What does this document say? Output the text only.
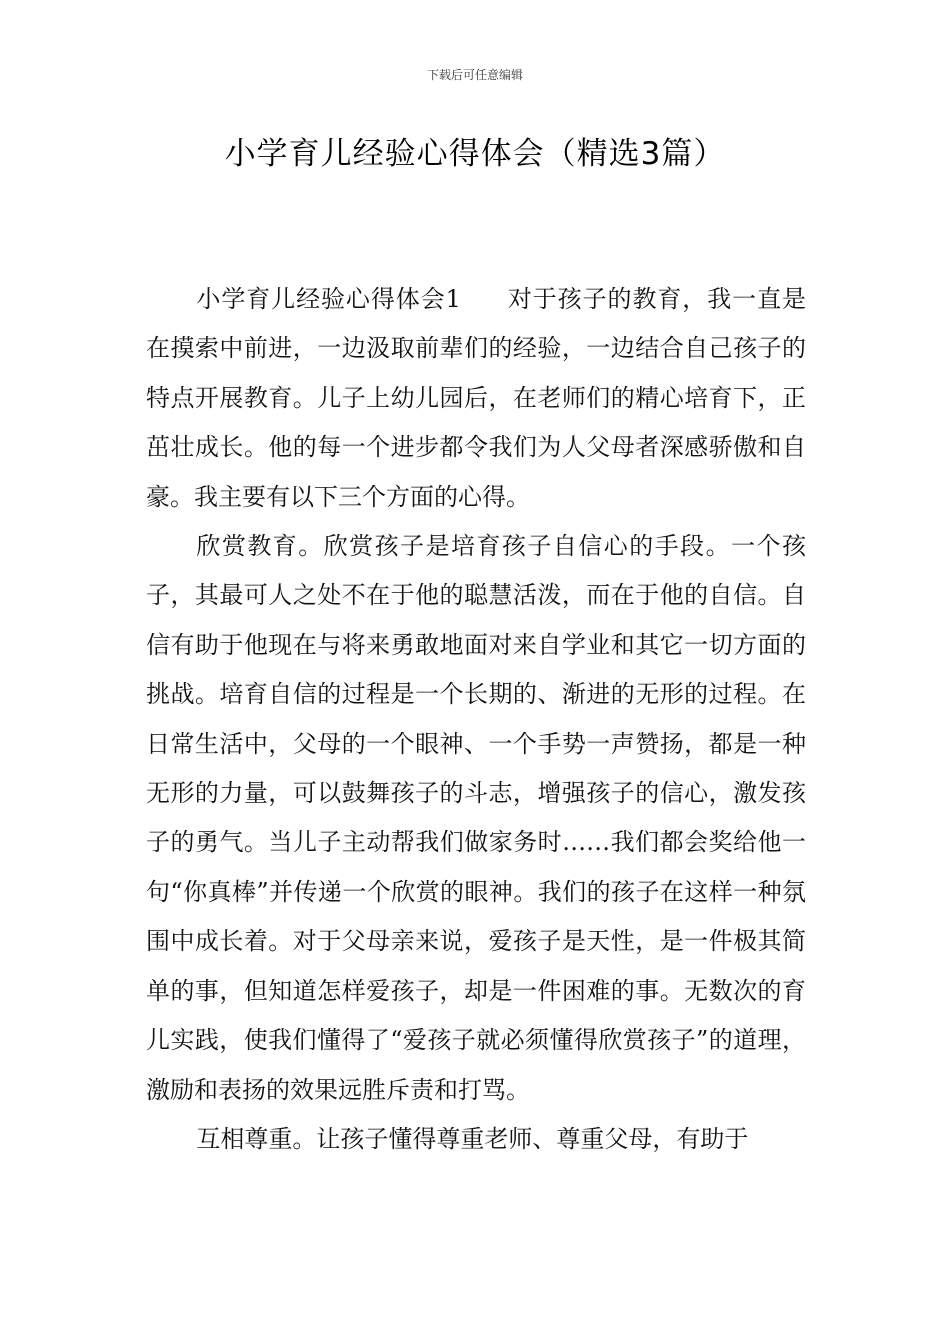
下载后可任意编辑
小学育儿经验心得体会（精选3篇）

小学育儿经验心得体会1 对于孩子的教育，我一直是在摸索中前进，一边汲取前辈们的经验，一边结合自己孩子的特点开展教育。儿子上幼儿园后，在老师们的精心培育下，正茁壮成长。他的每一个进步都令我们为人父母者深感骄傲和自豪。我主要有以下三个方面的心得。

欣赏教育。欣赏孩子是培育孩子自信心的手段。一个孩子，其最可人之处不在于他的聪慧活泼，而在于他的自信。自信有助于他现在与将来勇敢地面对来自学业和其它一切方面的挑战。培育自信的过程是一个长期的、渐进的无形的过程。在日常生活中，父母的一个眼神、一个手势一声赞扬，都是一种无形的力量，可以鼓舞孩子的斗志，增强孩子的信心，激发孩子的勇气。当儿子主动帮我们做家务时……我们都会奖给他一句“你真棒”并传递一个欣赏的眼神。我们的孩子在这样一种氛围中成长着。对于父母亲来说，爱孩子是天性，是一件极其简单的事，但知道怎样爱孩子，却是一件困难的事。无数次的育儿实践，使我们懂得了“爱孩子就必须懂得欣赏孩子”的道理，激励和表扬的效果远胜斥责和打骂。

互相尊重。让孩子懂得尊重老师、尊重父母，有助于
